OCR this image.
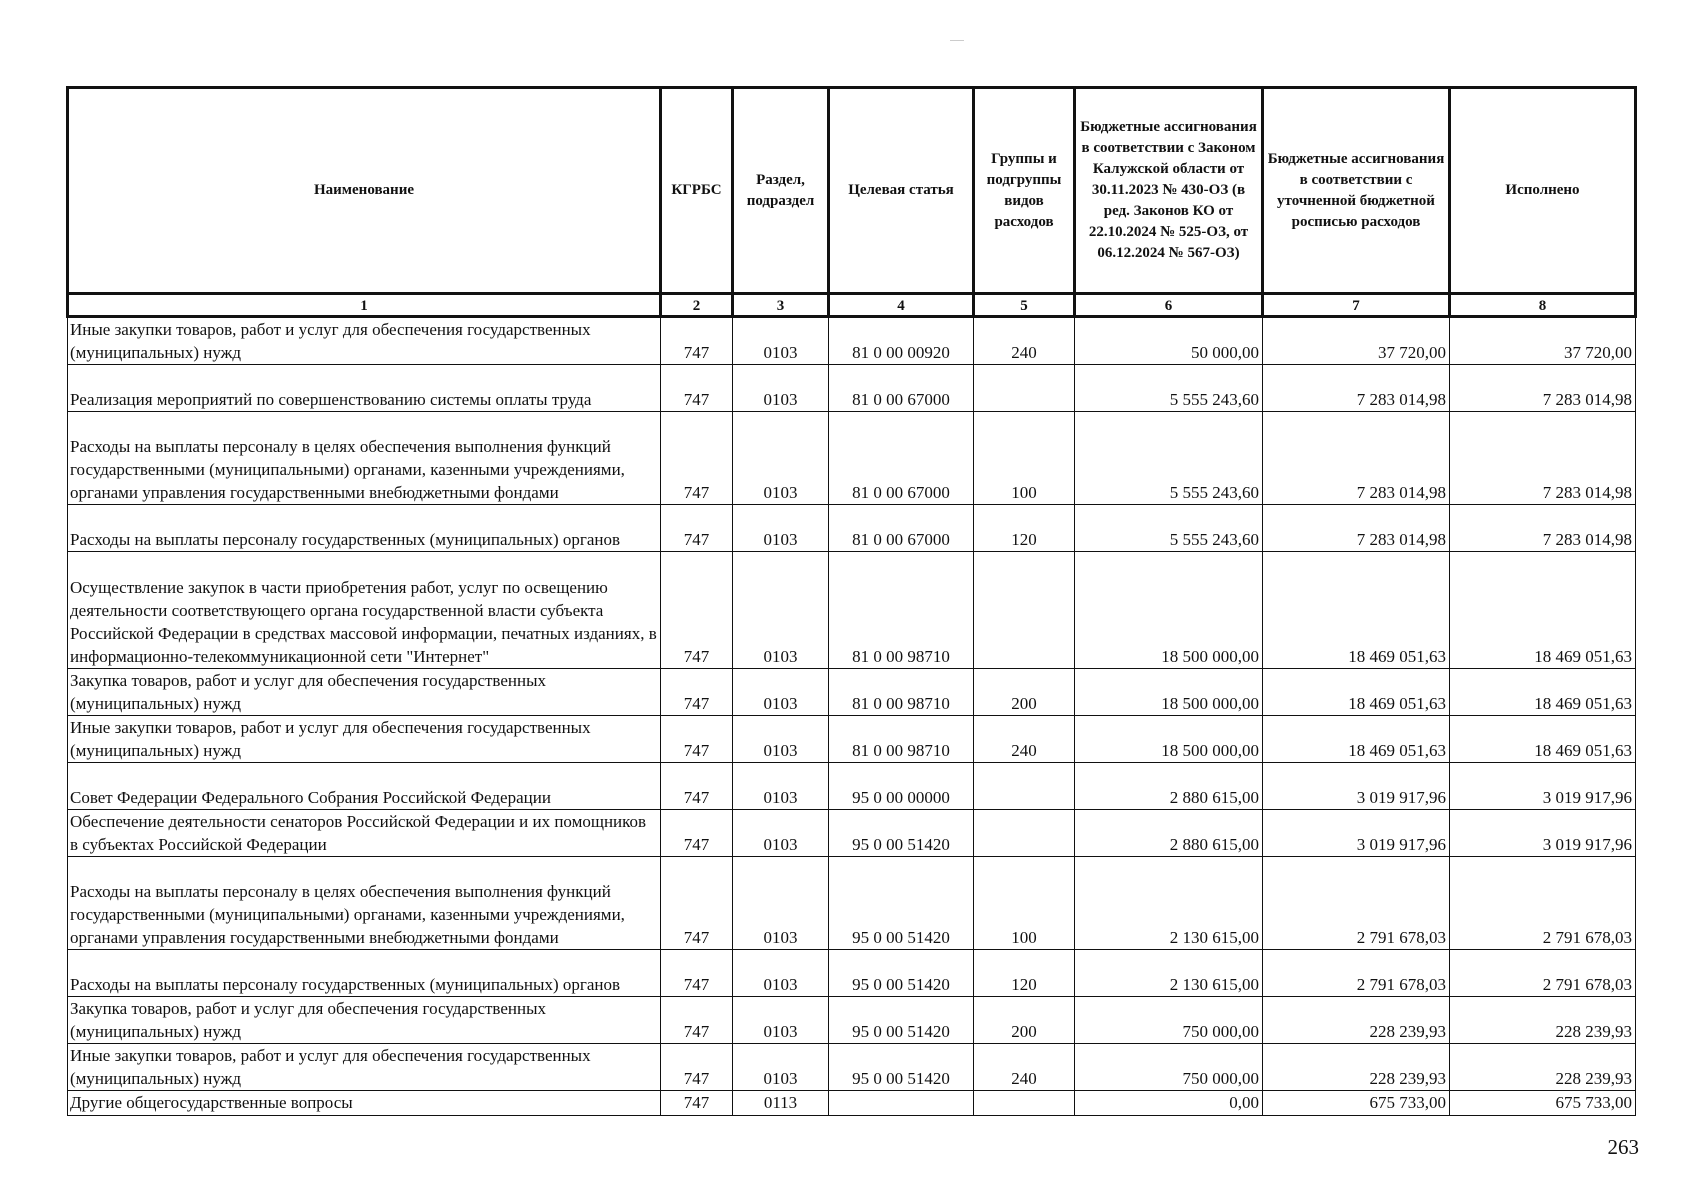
Наименование	КГРБС	Раздел, подраздел	Целевая статья	Группы и подгруппы видов расходов	Бюджетные ассигнования в соответствии с Законом Калужской области от 30.11.2023 № 430-ОЗ (в ред. Законов КО от 22.10.2024 № 525-ОЗ, от 06.12.2024 № 567-ОЗ)	Бюджетные ассигнования в соответствии с уточненной бюджетной росписью расходов	Исполнено
1	2	3	4	5	6	7	8
Иные закупки товаров, работ и услуг для обеспечения государственных (муниципальных) нужд	747	0103	81 0 00 00920	240	50 000,00	37 720,00	37 720,00
Реализация мероприятий по совершенствованию системы оплаты труда	747	0103	81 0 00 67000		5 555 243,60	7 283 014,98	7 283 014,98
Расходы на выплаты персоналу в целях обеспечения выполнения функций государственными (муниципальными) органами, казенными учреждениями, органами управления государственными внебюджетными фондами	747	0103	81 0 00 67000	100	5 555 243,60	7 283 014,98	7 283 014,98
Расходы на выплаты персоналу государственных (муниципальных) органов	747	0103	81 0 00 67000	120	5 555 243,60	7 283 014,98	7 283 014,98
Осуществление закупок в части приобретения работ, услуг по освещению деятельности соответствующего органа государственной власти субъекта Российской Федерации в средствах массовой информации, печатных изданиях, в информационно-телекоммуникационной сети "Интернет"	747	0103	81 0 00 98710		18 500 000,00	18 469 051,63	18 469 051,63
Закупка товаров, работ и услуг для обеспечения государственных (муниципальных) нужд	747	0103	81 0 00 98710	200	18 500 000,00	18 469 051,63	18 469 051,63
Иные закупки товаров, работ и услуг для обеспечения государственных (муниципальных) нужд	747	0103	81 0 00 98710	240	18 500 000,00	18 469 051,63	18 469 051,63
Совет Федерации Федерального Собрания Российской Федерации	747	0103	95 0 00 00000		2 880 615,00	3 019 917,96	3 019 917,96
Обеспечение деятельности сенаторов Российской Федерации и их помощников в субъектах Российской Федерации	747	0103	95 0 00 51420		2 880 615,00	3 019 917,96	3 019 917,96
Расходы на выплаты персоналу в целях обеспечения выполнения функций государственными (муниципальными) органами, казенными учреждениями, органами управления государственными внебюджетными фондами	747	0103	95 0 00 51420	100	2 130 615,00	2 791 678,03	2 791 678,03
Расходы на выплаты персоналу государственных (муниципальных) органов	747	0103	95 0 00 51420	120	2 130 615,00	2 791 678,03	2 791 678,03
Закупка товаров, работ и услуг для обеспечения государственных (муниципальных) нужд	747	0103	95 0 00 51420	200	750 000,00	228 239,93	228 239,93
Иные закупки товаров, работ и услуг для обеспечения государственных (муниципальных) нужд	747	0103	95 0 00 51420	240	750 000,00	228 239,93	228 239,93
Другие общегосударственные вопросы	747	0113			0,00	675 733,00	675 733,00
263
